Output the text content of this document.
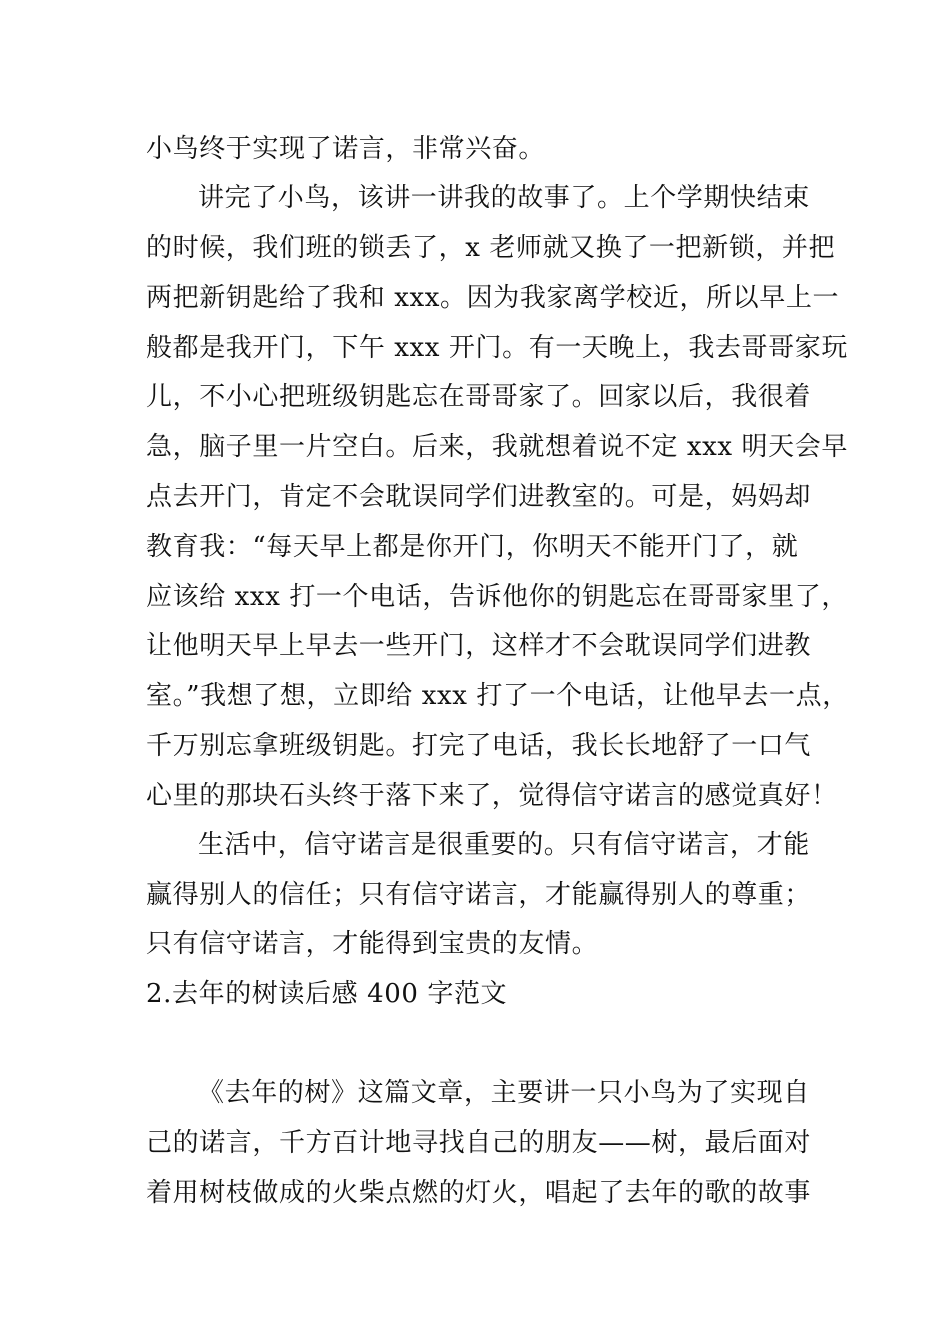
小鸟终于实现了诺言，非常兴奋。
讲完了小鸟，该讲一讲我的故事了。上个学期快结束
的时候，我们班的锁丢了，x 老师就又换了一把新锁，并把
两把新钥匙给了我和 xxx。因为我家离学校近，所以早上一
般都是我开门，下午 xxx 开门。有一天晚上，我去哥哥家玩
儿，不小心把班级钥匙忘在哥哥家了。回家以后，我很着
急，脑子里一片空白。后来，我就想着说不定 xxx 明天会早
点去开门，肯定不会耽误同学们进教室的。可是，妈妈却
教育我：“每天早上都是你开门，你明天不能开门了，就
应该给 xxx 打一个电话，告诉他你的钥匙忘在哥哥家里了，
让他明天早上早去一些开门，这样才不会耽误同学们进教
室。”我想了想，立即给 xxx 打了一个电话，让他早去一点，
千万别忘拿班级钥匙。打完了电话，我长长地舒了一口气
心里的那块石头终于落下来了，觉得信守诺言的感觉真好！
生活中，信守诺言是很重要的。只有信守诺言，才能
赢得别人的信任；只有信守诺言，才能赢得别人的尊重；
只有信守诺言，才能得到宝贵的友情。
2.去年的树读后感 400 字范文
《去年的树》这篇文章，主要讲一只小鸟为了实现自
己的诺言，千方百计地寻找自己的朋友——树，最后面对
着用树枝做成的火柴点燃的灯火，唱起了去年的歌的故事
